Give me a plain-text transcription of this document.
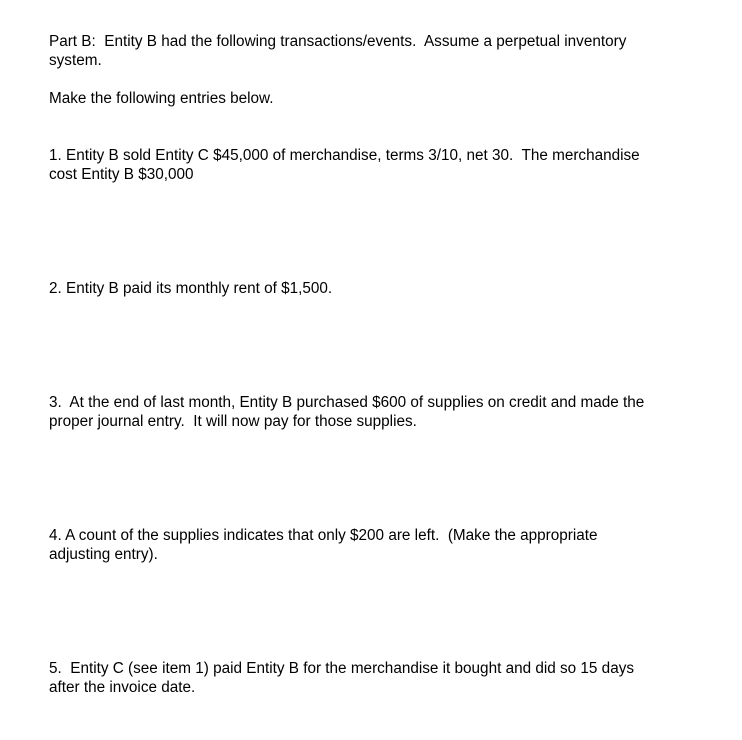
Part B:  Entity B had the following transactions/events.  Assume a perpetual inventory
system.
Make the following entries below.
1. Entity B sold Entity C $45,000 of merchandise, terms 3/10, net 30.  The merchandise
cost Entity B $30,000
2. Entity B paid its monthly rent of $1,500.
3.  At the end of last month, Entity B purchased $600 of supplies on credit and made the
proper journal entry.  It will now pay for those supplies.
4. A count of the supplies indicates that only $200 are left.  (Make the appropriate
adjusting entry).
5.  Entity C (see item 1) paid Entity B for the merchandise it bought and did so 15 days
after the invoice date.
